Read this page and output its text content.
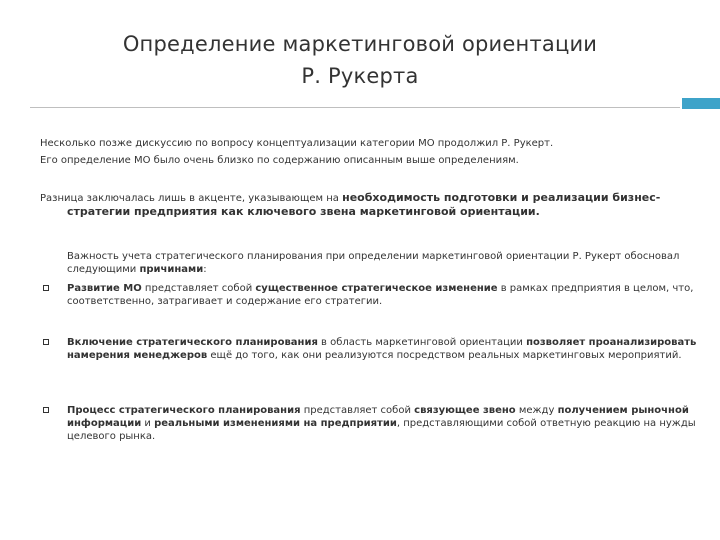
Определение маркетинговой ориентации
Р. Рукерта
Несколько позже дискуссию по вопросу концептуализации категории МО продолжил Р. Рукерт.
Его определение МО было очень близко по содержанию описанным выше определениям.
Разница заключалась лишь в акценте, указывающем на необходимость подготовки и реализации бизнес-
стратегии предприятия как ключевого звена маркетинговой ориентации.
Важность учета стратегического планирования при определении маркетинговой ориентации Р. Рукерт обосновал следующими причинами:
Развитие МО представляет собой существенное стратегическое изменение в рамках предприятия в целом, что, соответственно, затрагивает и содержание его стратегии.
Включение стратегического планирования в область маркетинговой ориентации позволяет проанализировать намерения менеджеров ещё до того, как они реализуются посредством реальных маркетинговых мероприятий.
Процесс стратегического планирования представляет собой связующее звено между получением рыночной информации и реальными изменениями на предприятии, представляющими собой ответную реакцию на нужды целевого рынка.
